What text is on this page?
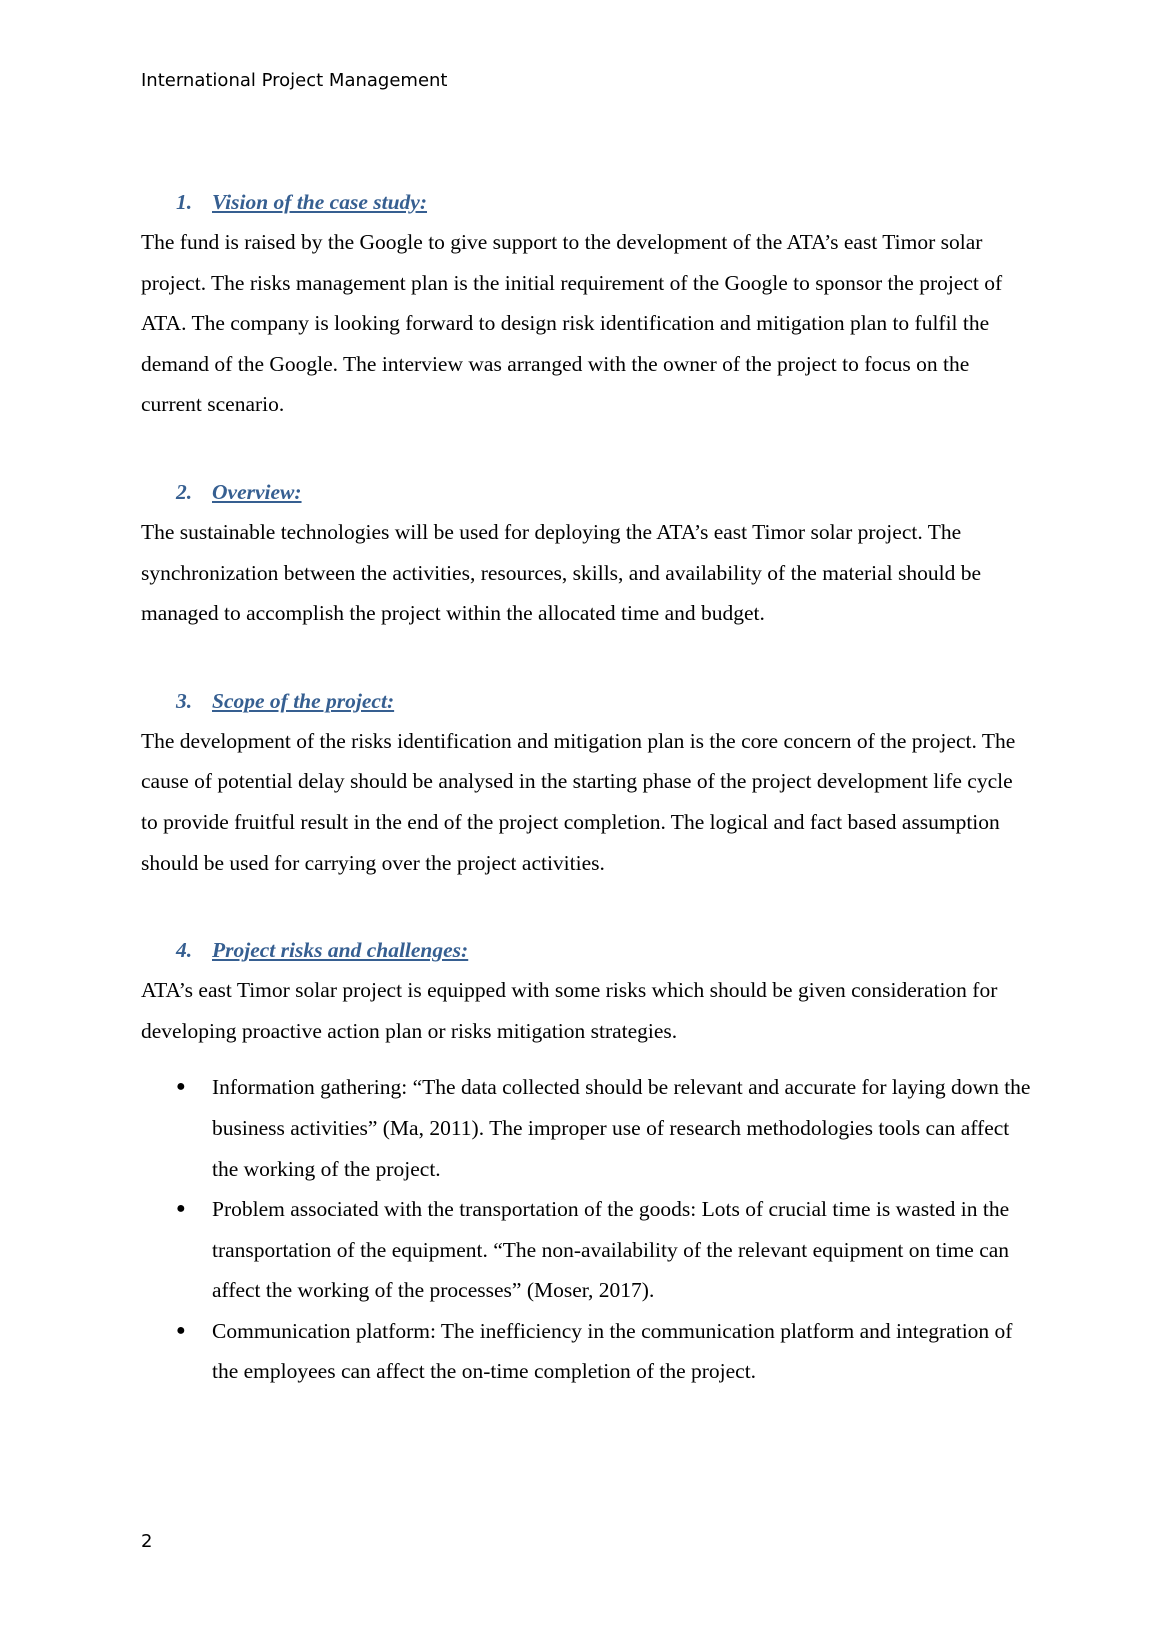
International Project Management
1. Vision of the case study:

The fund is raised by the Google to give support to the development of the ATA’s east Timor solar project. The risks management plan is the initial requirement of the Google to sponsor the project of ATA. The company is looking forward to design risk identification and mitigation plan to fulfil the demand of the Google. The interview was arranged with the owner of the project to focus on the current scenario.

2. Overview:

The sustainable technologies will be used for deploying the ATA’s east Timor solar project. The synchronization between the activities, resources, skills, and availability of the material should be managed to accomplish the project within the allocated time and budget.

3. Scope of the project:

The development of the risks identification and mitigation plan is the core concern of the project. The cause of potential delay should be analysed in the starting phase of the project development life cycle to provide fruitful result in the end of the project completion. The logical and fact based assumption should be used for carrying over the project activities.

4. Project risks and challenges:

ATA’s east Timor solar project is equipped with some risks which should be given consideration for developing proactive action plan or risks mitigation strategies.

● Information gathering: “The data collected should be relevant and accurate for laying down the business activities” (Ma, 2011). The improper use of research methodologies tools can affect the working of the project.
● Problem associated with the transportation of the goods: Lots of crucial time is wasted in the transportation of the equipment. “The non-availability of the relevant equipment on time can affect the working of the processes” (Moser, 2017).
● Communication platform: The inefficiency in the communication platform and integration of the employees can affect the on-time completion of the project.
2
